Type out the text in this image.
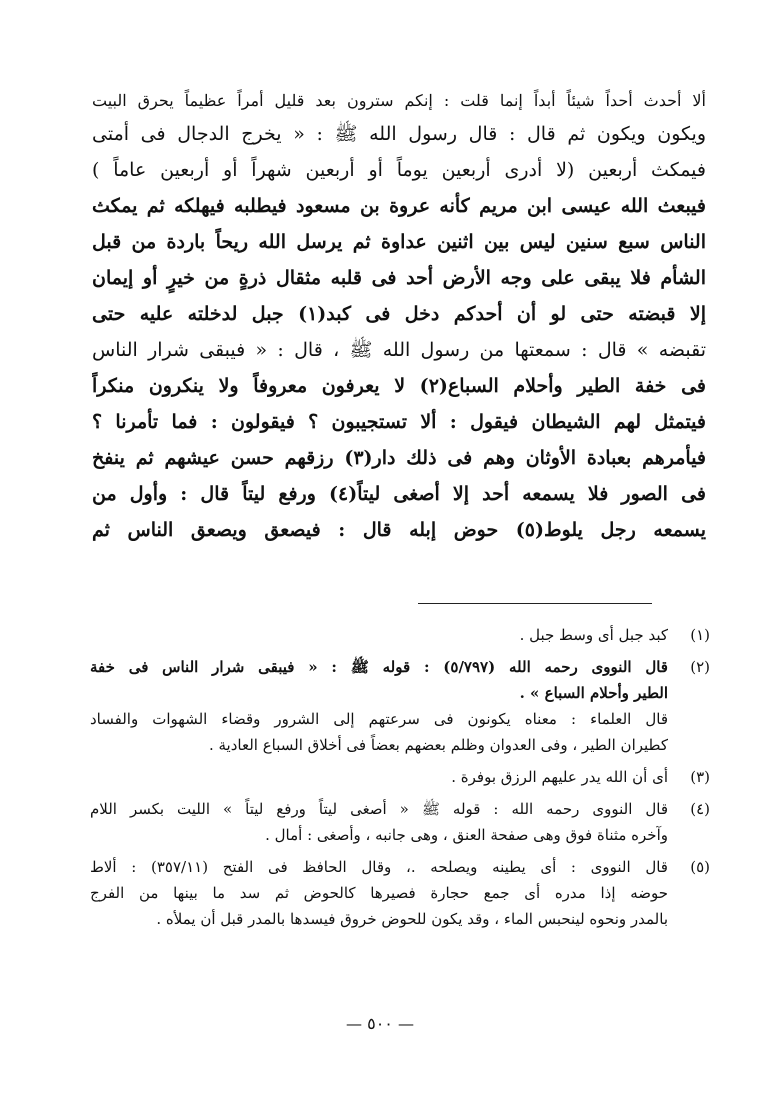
ألا أحدث أحداً شيئاً أبداً إنما قلت : إنكم سترون بعد قليل أمراً عظيماً يحرق البيت
ويكون ويكون ثم قال : قال رسول الله ﷺ : « يخرج الدجال فى أمتى
فيمكث أربعين (لا أدرى أربعين يوماً أو أربعين شهراً أو أربعين عاماً )
فيبعث الله عيسى ابن مريم كأنه عروة بن مسعود فيطلبه فيهلكه ثم يمكث
الناس سبع سنين ليس بين اثنين عداوة ثم يرسل الله ريحاً باردة من قبل
الشأم فلا يبقى على وجه الأرض أحد فى قلبه مثقال ذرةٍ من خيرٍ أو إيمان
إلا قبضته حتى لو أن أحدكم دخل فى كبد(١) جبل لدخلته عليه حتى
تقبضه » قال : سمعتها من رسول الله ﷺ ، قال : « فيبقى شرار الناس
فى خفة الطير وأحلام السباع(٢) لا يعرفون معروفاً ولا ينكرون منكراً
فيتمثل لهم الشيطان فيقول : ألا تستجيبون ؟ فيقولون : فما تأمرنا ؟
فيأمرهم بعبادة الأوثان وهم فى ذلك دار(٣) رزقهم حسن عيشهم ثم ينفخ
فى الصور فلا يسمعه أحد إلا أصغى ليتاً(٤) ورفع ليتاً قال : وأول من
يسمعه رجل يلوط(٥) حوض إبله قال : فيصعق ويصعق الناس ثم
(١)
كبد جبل أى وسط جبل .
(٢)
قال النووى رحمه الله (٥/٧٩٧) : قوله ﷺ : « فيبقى شرار الناس فى خفة
الطير وأحلام السباع » .
قال العلماء : معناه يكونون فى سرعتهم إلى الشرور وقضاء الشهوات والفساد
كطيران الطير ، وفى العدوان وظلم بعضهم بعضاً فى أخلاق السباع العادية .
(٣)
أى أن الله يدر عليهم الرزق بوفرة .
(٤)
قال النووى رحمه الله : قوله ﷺ « أصغى ليتاً ورفع ليتاً » الليت بكسر اللام
وآخره مثناة فوق وهى صفحة العنق ، وهى جانبه ، وأصغى : أمال .
(٥)
قال النووى : أى يطينه ويصلحه .، وقال الحافظ فى الفتح (٣٥٧/١١) : ألاط
حوضه إذا مدره أى جمع حجارة فصيرها كالحوض ثم سد ما بينها من الفرج
بالمدر ونحوه لينحبس الماء ، وقد يكون للحوض خروق فيسدها بالمدر قبل أن يملأه .
— ٥٠٠ —
